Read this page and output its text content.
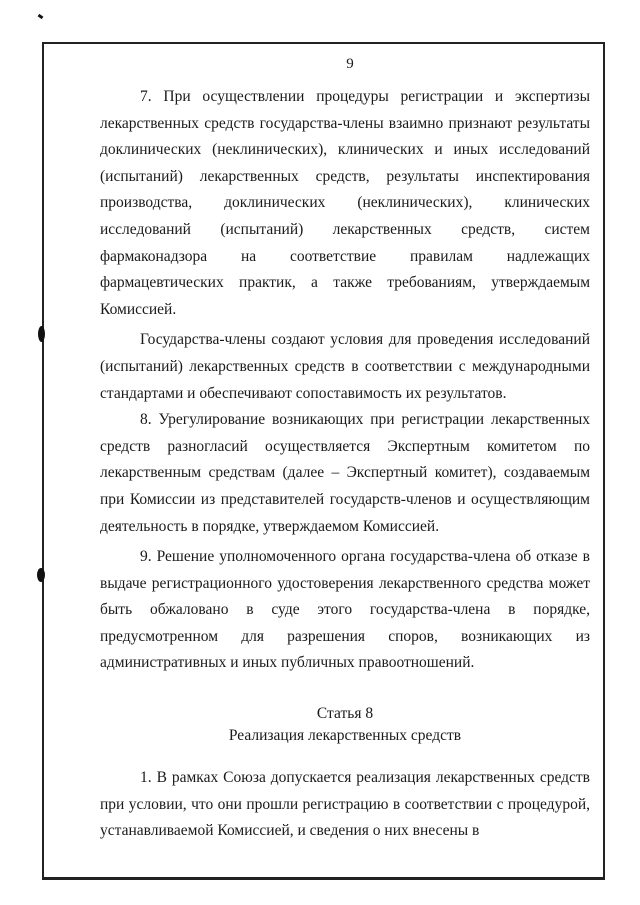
9

7. При осуществлении процедуры регистрации и экспертизы лекарственных средств государства-члены взаимно признают результаты доклинических (неклинических), клинических и иных исследований (испытаний) лекарственных средств, результаты инспектирования производства, доклинических (неклинических), клинических исследований (испытаний) лекарственных средств, систем фармаконадзора на соответствие правилам надлежащих фармацевтических практик, а также требованиям, утверждаемым Комиссией.

Государства-члены создают условия для проведения исследований (испытаний) лекарственных средств в соответствии с международными стандартами и обеспечивают сопоставимость их результатов.

8. Урегулирование возникающих при регистрации лекарственных средств разногласий осуществляется Экспертным комитетом по лекарственным средствам (далее – Экспертный комитет), создаваемым при Комиссии из представителей государств-членов и осуществляющим деятельность в порядке, утверждаемом Комиссией.

9. Решение уполномоченного органа государства-члена об отказе в выдаче регистрационного удостоверения лекарственного средства может быть обжаловано в суде этого государства-члена в порядке, предусмотренном для разрешения споров, возникающих из административных и иных публичных правоотношений.

Статья 8
Реализация лекарственных средств

1. В рамках Союза допускается реализация лекарственных средств при условии, что они прошли регистрацию в соответствии с процедурой, устанавливаемой Комиссией, и сведения о них внесены в
